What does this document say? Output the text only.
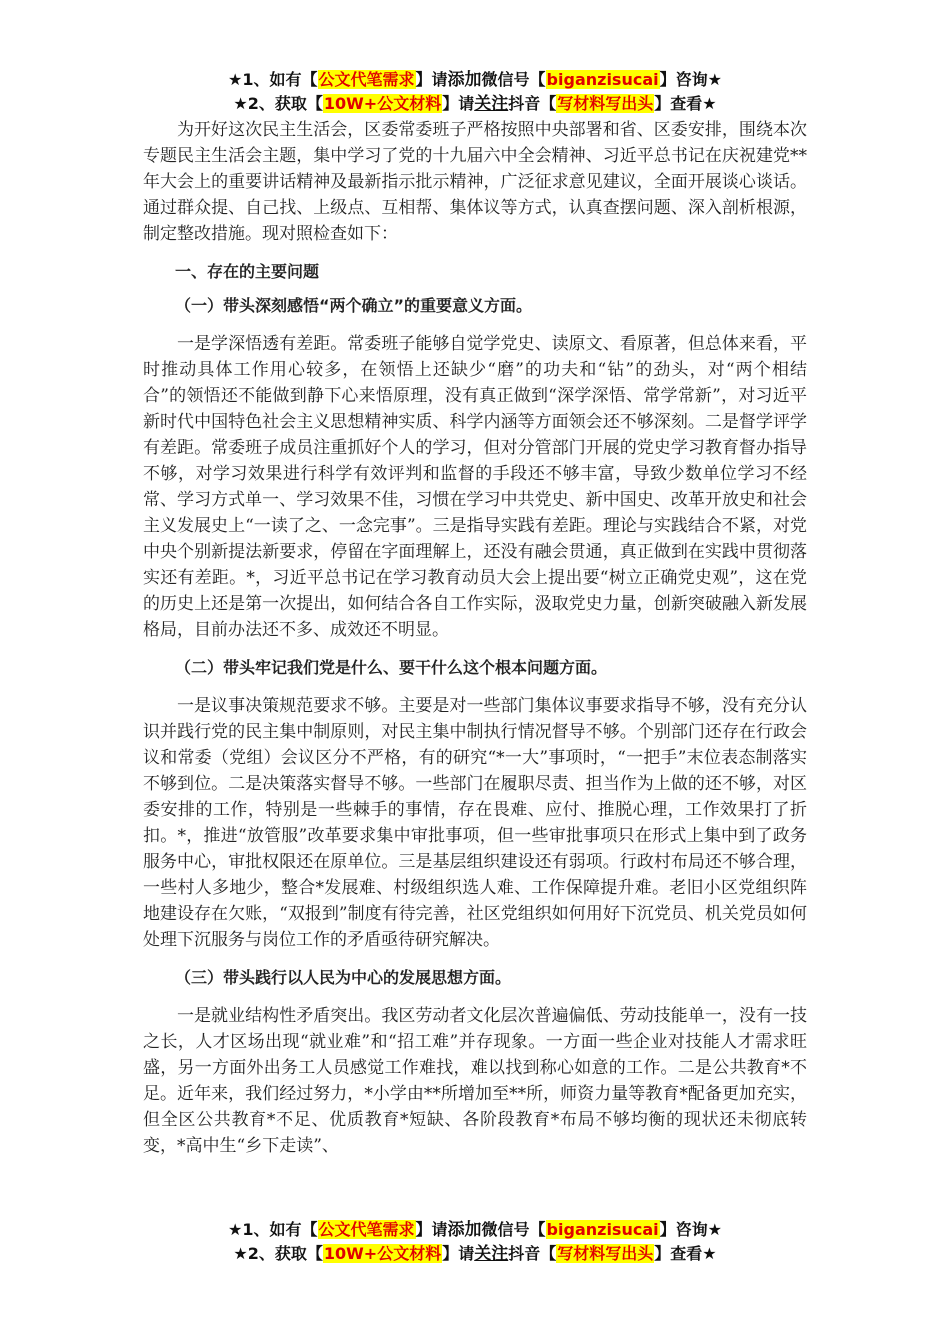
★1、如有【公文代笔需求】请添加微信号【biganzisucai】咨询★
★2、获取【10W+公文材料】请关注抖音【写材料写出头】查看★

为开好这次民主生活会，区委常委班子严格按照中央部署和省、区委安排，围绕本次专题民主生活会主题，集中学习了党的十九届六中全会精神、习近平总书记在庆祝建党**年大会上的重要讲话精神及最新指示批示精神，广泛征求意见建议，全面开展谈心谈话。通过群众提、自己找、上级点、互相帮、集体议等方式，认真查摆问题、深入剖析根源，制定整改措施。现对照检查如下：

一、存在的主要问题

（一）带头深刻感悟“两个确立”的重要意义方面。

一是学深悟透有差距。常委班子能够自觉学党史、读原文、看原著，但总体来看，平时推动具体工作用心较多，在领悟上还缺少“磨”的功夫和“钻”的劲头，对“两个相结合”的领悟还不能做到静下心来悟原理，没有真正做到“深学深悟、常学常新”，对习近平新时代中国特色社会主义思想精神实质、科学内涵等方面领会还不够深刻。二是督学评学有差距。常委班子成员注重抓好个人的学习，但对分管部门开展的党史学习教育督办指导不够，对学习效果进行科学有效评判和监督的手段还不够丰富，导致少数单位学习不经常、学习方式单一、学习效果不佳，习惯在学习中共党史、新中国史、改革开放史和社会主义发展史上“一读了之、一念完事”。三是指导实践有差距。理论与实践结合不紧，对党中央个别新提法新要求，停留在字面理解上，还没有融会贯通，真正做到在实践中贯彻落实还有差距。*，习近平总书记在学习教育动员大会上提出要“树立正确党史观”，这在党的历史上还是第一次提出，如何结合各自工作实际，汲取党史力量，创新突破融入新发展格局，目前办法还不多、成效还不明显。

（二）带头牢记我们党是什么、要干什么这个根本问题方面。

一是议事决策规范要求不够。主要是对一些部门集体议事要求指导不够，没有充分认识并践行党的民主集中制原则，对民主集中制执行情况督导不够。个别部门还存在行政会议和常委（党组）会议区分不严格，有的研究“*一大”事项时，“一把手”末位表态制落实不够到位。二是决策落实督导不够。一些部门在履职尽责、担当作为上做的还不够，对区委安排的工作，特别是一些棘手的事情，存在畏难、应付、推脱心理，工作效果打了折扣。*，推进“放管服”改革要求集中审批事项，但一些审批事项只在形式上集中到了政务服务中心，审批权限还在原单位。三是基层组织建设还有弱项。行政村布局还不够合理，一些村人多地少，整合*发展难、村级组织选人难、工作保障提升难。老旧小区党组织阵地建设存在欠账，“双报到”制度有待完善，社区党组织如何用好下沉党员、机关党员如何处理下沉服务与岗位工作的矛盾亟待研究解决。

（三）带头践行以人民为中心的发展思想方面。

一是就业结构性矛盾突出。我区劳动者文化层次普遍偏低、劳动技能单一，没有一技之长，人才区场出现“就业难”和“招工难”并存现象。一方面一些企业对技能人才需求旺盛，另一方面外出务工人员感觉工作难找，难以找到称心如意的工作。二是公共教育*不足。近年来，我们经过努力，*小学由**所增加至**所，师资力量等教育*配备更加充实，但全区公共教育*不足、优质教育*短缺、各阶段教育*布局不够均衡的现状还未彻底转变，*高中生“乡下走读”、

★1、如有【公文代笔需求】请添加微信号【biganzisucai】咨询★
★2、获取【10W+公文材料】请关注抖音【写材料写出头】查看★
